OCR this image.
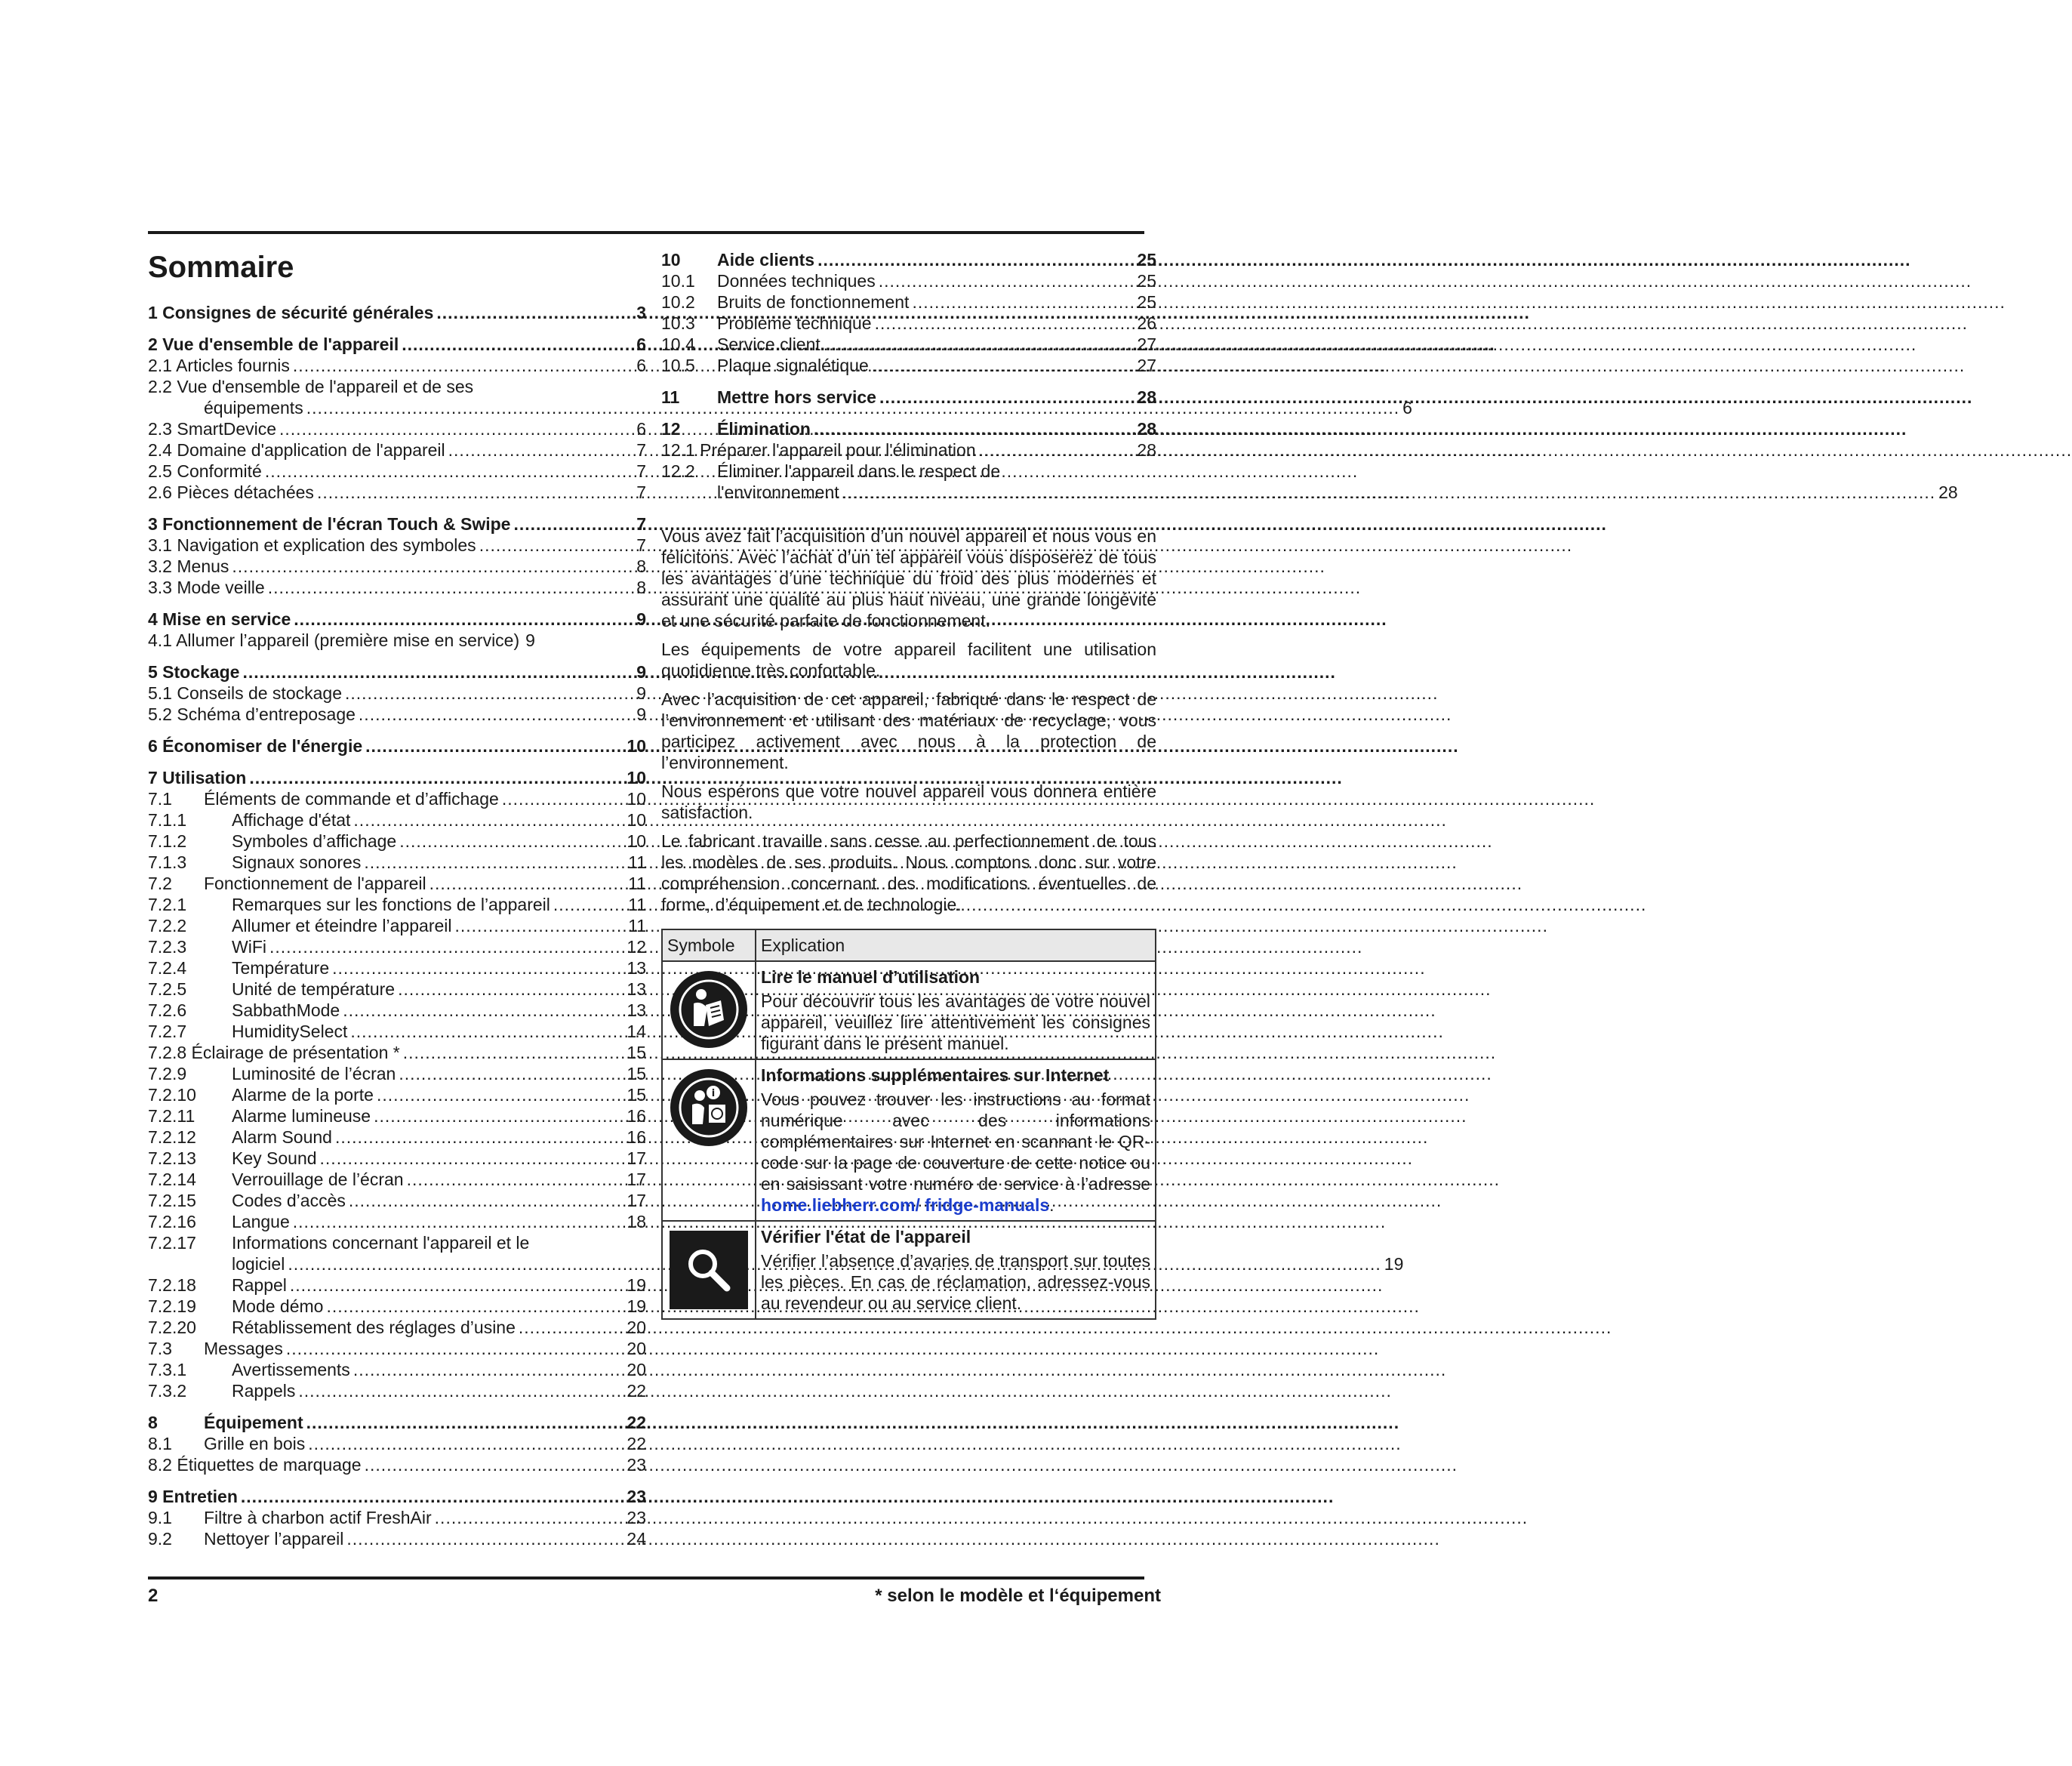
Sommaire
1 Consignes de sécurité générales .....	3
2 Vue d'ensemble de l'appareil .....	6
2.1 Articles fournis .....	6
2.2 Vue d'ensemble de l'appareil et de ses
équipements .....	6
2.3 SmartDevice .....	6
2.4 Domaine d'application de l'appareil .....	7
2.5 Conformité .....	7
2.6 Pièces détachées .....	7
3 Fonctionnement de l'écran Touch & Swipe .....	7
3.1 Navigation et explication des symboles .....	7
3.2 Menus .....	8
3.3 Mode veille .....	8
4 Mise en service .....	9
4.1 Allumer l’appareil (première mise en service) 9
5 Stockage .....	9
5.1 Conseils de stockage .....	9
5.2 Schéma d’entreposage .....	9
6 Économiser de l'énergie .....	10
7 Utilisation .....	10
7.1	Éléments de commande et d’affichage .....	10
7.1.1	Affichage d'état .....	10
7.1.2	Symboles d’affichage .....	10
7.1.3	Signaux sonores .....	11
7.2	Fonctionnement de l'appareil .....	11
7.2.1	Remarques sur les fonctions de l’appareil .....	11
7.2.2	Allumer et éteindre l’appareil .....	11
7.2.3	WiFi .....	12
7.2.4	Température .....	13
7.2.5	Unité de température .....	13
7.2.6	SabbathMode .....	13
7.2.7	HumiditySelect .....	14
7.2.8 Éclairage de présentation * .....	15
7.2.9	Luminosité de l’écran .....	15
7.2.10	Alarme de la porte .....	15
7.2.11	Alarme lumineuse .....	16
7.2.12	Alarm Sound .....	16
7.2.13	Key Sound .....	17
7.2.14	Verrouillage de l’écran .....	17
7.2.15	Codes d’accès .....	17
7.2.16	Langue .....	18
7.2.17	Informations concernant l'appareil et le
logiciel .....	19
7.2.18	Rappel .....	19
7.2.19	Mode démo .....	19
7.2.20	Rétablissement des réglages d’usine .....	20
7.3	Messages .....	20
7.3.1	Avertissements .....	20
7.3.2	Rappels .....	22
8	Équipement .....	22
8.1	Grille en bois .....	22
8.2 Étiquettes de marquage .....	23
9 Entretien .....	23
9.1	Filtre à charbon actif FreshAir .....	23
9.2	Nettoyer l’appareil .....	24
10	Aide clients .....	25
10.1	Données techniques .....	25
10.2	Bruits de fonctionnement .....	25
10.3	Problème technique .....	26
10.4	Service client .....	27
10.5	Plaque signalétique .....	27
11	Mettre hors service .....	28
12	Élimination .....	28
12.1 Préparer l'appareil pour l'élimination .....	28
12.2	Éliminer l'appareil dans le respect de
l'environnement .....	28

Vous avez fait l’acquisition d’un nouvel appareil et nous vous en félicitons. Avec l’achat d’un tel appareil vous disposerez de tous les avantages d’une technique du froid des plus modernes et assurant une qualité au plus haut niveau, une grande longévité et une sécurité parfaite de fonctionnement.

Les équipements de votre appareil facilitent une utilisation quotidienne très confortable.

Avec l’acquisition de cet appareil, fabriqué dans le respect de l’environnement et utilisant des matériaux de recyclage, vous participez activement avec nous à la protection de l’environnement.

Nous espérons que votre nouvel appareil vous donnera entière satisfaction.

Le fabricant travaille sans cesse au perfectionnement de tous les modèles de ses produits. Nous comptons donc sur votre compréhension concernant des modifications éventuelles de forme, d’équipement et de technologie.

Symbole	Explication

Lire le manuel d’utilisation
Pour découvrir tous les avantages de votre nouvel appareil, veuillez lire attentivement les consignes figurant dans le présent manuel.

i	Informations supplémentaires sur Internet
Vous pouvez trouver les instructions au format numérique avec des informations complémentaires sur Internet en scannant le QR-code sur la page de couverture de cette notice ou en saisissant votre numéro de service à l’adresse home.liebherr.com/ fridge-manuals.

Vérifier l'état de l'appareil
Vérifier l’absence d’avaries de transport sur toutes les pièces. En cas de réclamation, adressez-vous au revendeur ou au service client.
2	* selon le modèle et l‘équipement
